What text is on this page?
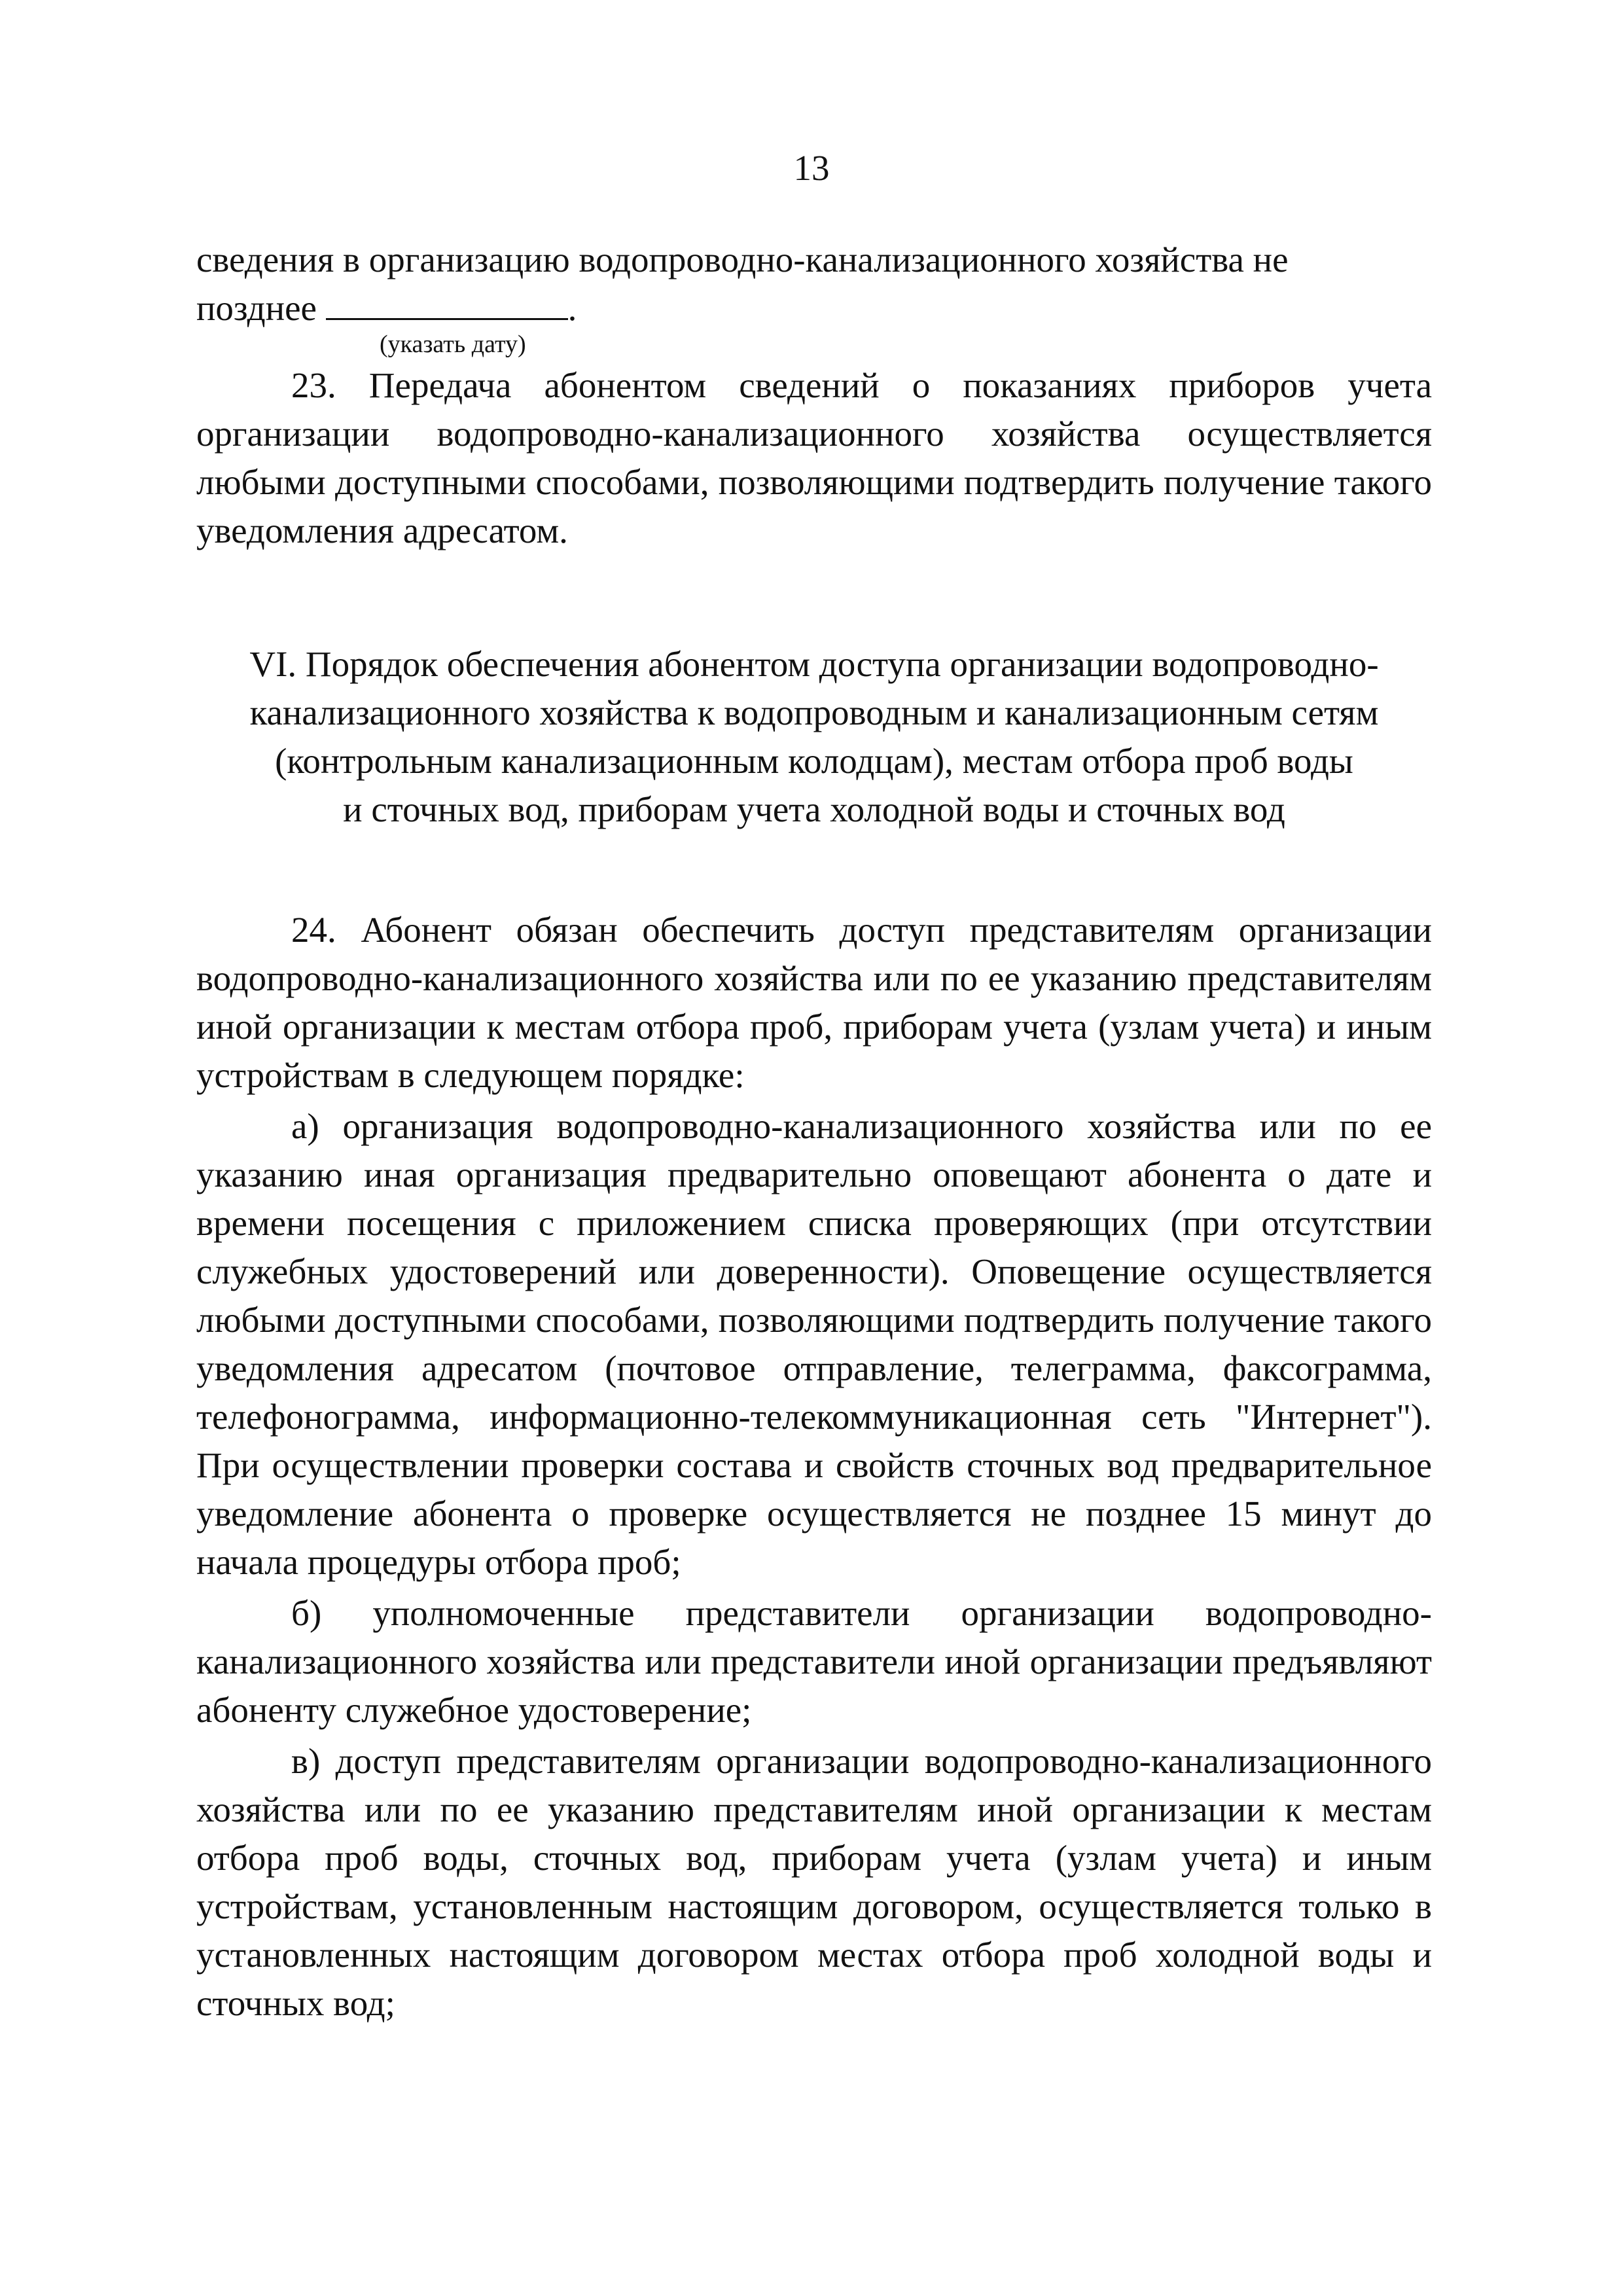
13

сведения в организацию водопроводно-канализационного хозяйства не
позднее	.
(указать дату)

23. Передача абонентом сведений о показаниях приборов учета организации водопроводно-канализационного хозяйства осуществляется любыми доступными способами, позволяющими подтвердить получение такого уведомления адресатом.

VI. Порядок обеспечения абонентом доступа организации водопроводно-
канализационного хозяйства к водопроводным и канализационным сетям
(контрольным канализационным колодцам), местам отбора проб воды
и сточных вод, приборам учета холодной воды и сточных вод

24. Абонент обязан обеспечить доступ представителям организации водопроводно-канализационного хозяйства или по ее указанию представителям иной организации к местам отбора проб, приборам учета (узлам учета) и иным устройствам в следующем порядке:

а) организация водопроводно-канализационного хозяйства или по ее указанию иная организация предварительно оповещают абонента о дате и времени посещения с приложением списка проверяющих (при отсутствии служебных удостоверений или доверенности). Оповещение осуществляется любыми доступными способами, позволяющими подтвердить получение такого уведомления адресатом (почтовое отправление, телеграмма, факсограмма, телефонограмма, информационно-телекоммуникационная сеть "Интернет"). При осуществлении проверки состава и свойств сточных вод предварительное уведомление абонента о проверке осуществляется не позднее 15 минут до начала процедуры отбора проб;

б) уполномоченные представители организации водопроводно-канализационного хозяйства или представители иной организации предъявляют абоненту служебное удостоверение;

в) доступ представителям организации водопроводно-канализационного хозяйства или по ее указанию представителям иной организации к местам отбора проб воды, сточных вод, приборам учета (узлам учета) и иным устройствам, установленным настоящим договором, осуществляется только в установленных настоящим договором местах отбора проб холодной воды и сточных вод;
